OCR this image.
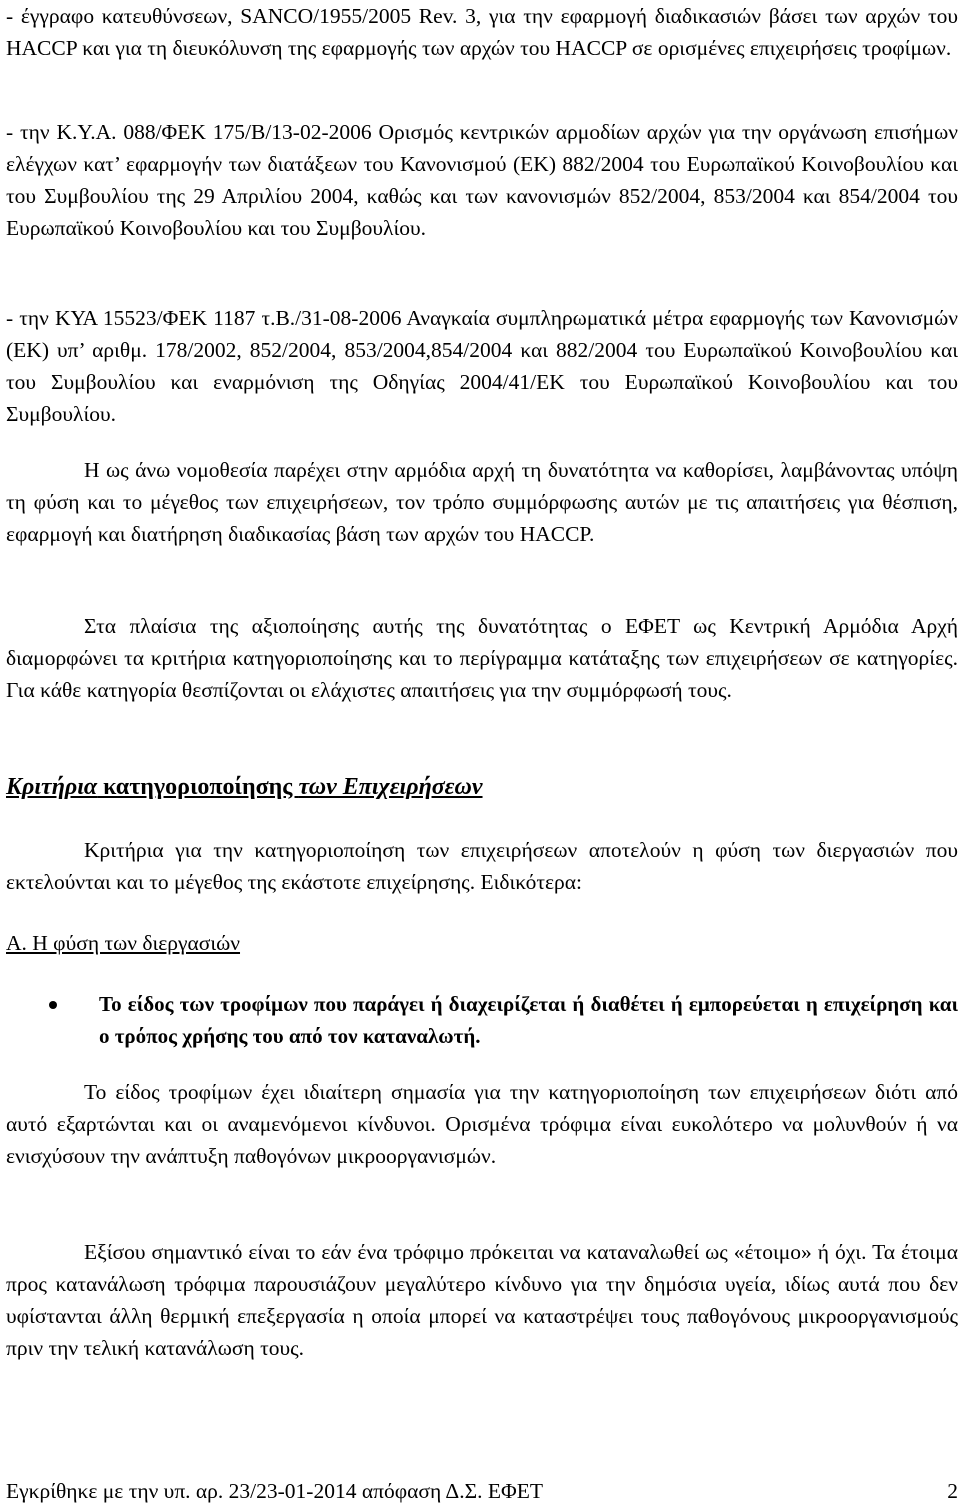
- έγγραφο κατευθύνσεων, SANCO/1955/2005 Rev. 3, για την εφαρμογή διαδικασιών βάσει των αρχών του HACCP και για τη διευκόλυνση της εφαρμογής των αρχών του HACCP σε ορισμένες επιχειρήσεις τροφίμων.

- την Κ.Υ.Α. 088/ΦΕΚ 175/Β/13-02-2006 Ορισμός κεντρικών αρμοδίων αρχών για την οργάνωση επισήμων ελέγχων κατ’ εφαρμογήν των διατάξεων του Κανονισμού (ΕΚ) 882/2004 του Ευρωπαϊκού Κοινοβουλίου και του Συμβουλίου της 29 Απριλίου 2004, καθώς και των κανονισμών 852/2004, 853/2004 και 854/2004 του Ευρωπαϊκού Κοινοβουλίου και του Συμβουλίου.

- την ΚΥΑ 15523/ΦΕΚ 1187 τ.Β./31-08-2006 Αναγκαία συμπληρωματικά μέτρα εφαρμογής των Κανονισμών (ΕΚ) υπ’ αριθμ. 178/2002, 852/2004, 853/2004,854/2004 και 882/2004 του Ευρωπαϊκού Κοινοβουλίου και του Συμβουλίου και εναρμόνιση της Οδηγίας 2004/41/ΕΚ του Ευρωπαϊκού Κοινοβουλίου και του Συμβουλίου.

Η ως άνω νομοθεσία παρέχει στην αρμόδια αρχή τη δυνατότητα να καθορίσει, λαμβάνοντας υπόψη τη φύση και το μέγεθος των επιχειρήσεων, τον τρόπο συμμόρφωσης αυτών με τις απαιτήσεις για θέσπιση, εφαρμογή και διατήρηση διαδικασίας βάση των αρχών του HACCP.

Στα πλαίσια της αξιοποίησης αυτής της δυνατότητας ο ΕΦΕΤ ως Κεντρική Αρμόδια Αρχή διαμορφώνει τα κριτήρια κατηγοριοποίησης και το περίγραμμα κατάταξης των επιχειρήσεων σε κατηγορίες. Για κάθε κατηγορία θεσπίζονται οι ελάχιστες απαιτήσεις για την συμμόρφωσή τους.

Κριτήρια κατηγοριοποίησης των Επιχειρήσεων

Κριτήρια για την κατηγοριοποίηση των επιχειρήσεων αποτελούν η φύση των διεργασιών που εκτελούνται και το μέγεθος της εκάστοτε επιχείρησης. Ειδικότερα:

Α. Η φύση των διεργασιών

Το είδος των τροφίμων που παράγει ή διαχειρίζεται ή διαθέτει ή εμπορεύεται η επιχείρηση και ο τρόπος χρήσης του από τον καταναλωτή.

Το είδος τροφίμων έχει ιδιαίτερη σημασία για την κατηγοριοποίηση των επιχειρήσεων διότι από αυτό εξαρτώνται και οι αναμενόμενοι κίνδυνοι. Ορισμένα τρόφιμα είναι ευκολότερο να μολυνθούν ή να ενισχύσουν την ανάπτυξη παθογόνων μικροοργανισμών.

Εξίσου σημαντικό είναι το εάν ένα τρόφιμο πρόκειται να καταναλωθεί ως «έτοιμο» ή όχι. Τα έτοιμα προς κατανάλωση τρόφιμα παρουσιάζουν μεγαλύτερο κίνδυνο για την δημόσια υγεία, ιδίως αυτά που δεν υφίστανται άλλη θερμική επεξεργασία η οποία μπορεί να καταστρέψει τους παθογόνους μικροοργανισμούς πριν την τελική κατανάλωση τους.

Εγκρίθηκε με την υπ. αρ. 23/23-01-2014 απόφαση Δ.Σ. ΕΦΕΤ	2
